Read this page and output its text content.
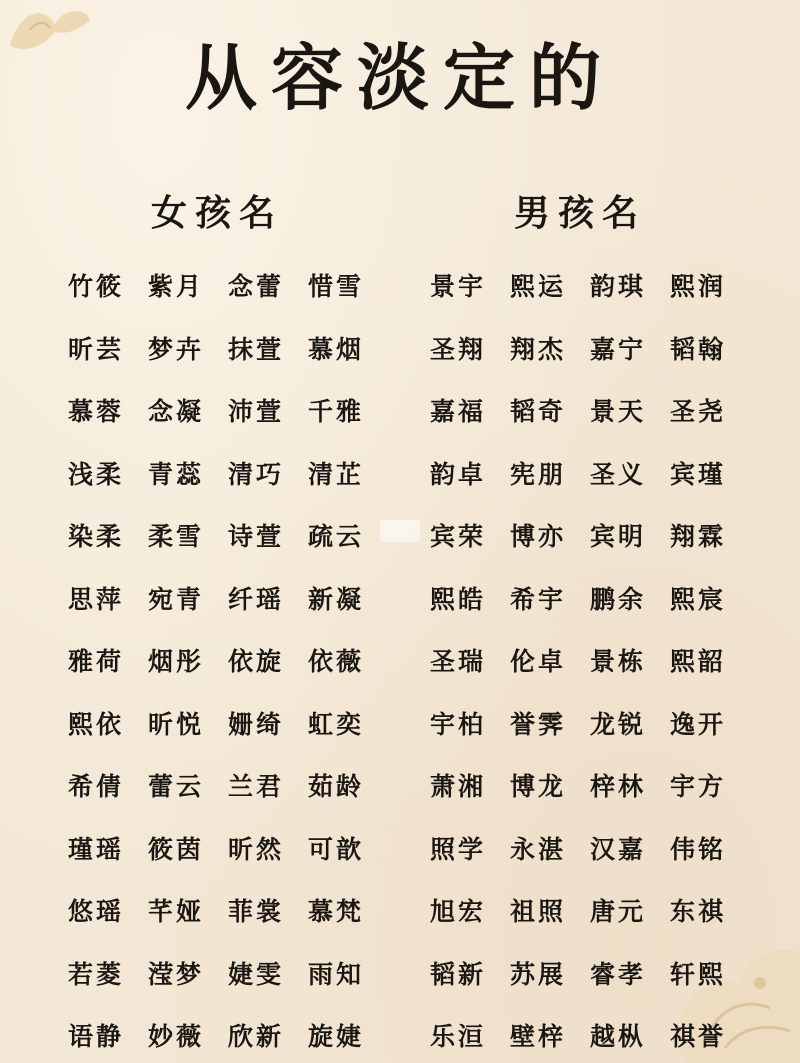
从容淡定的
女孩名	男孩名
竹筱 紫月 念蕾 惜雪
昕芸 梦卉 抹萱 慕烟
慕蓉 念凝 沛萱 千雅
浅柔 青蕊 清巧 清芷
染柔 柔雪 诗萱 疏云
思萍 宛青 纤瑶 新凝
雅荷 烟彤 依旋 依薇
熙依 昕悦 姗绮 虹奕
希倩 蕾云 兰君 茹龄
瑾瑶 筱茵 昕然 可歆
悠瑶 芊娅 菲裳 慕梵
若菱 滢梦 婕雯 雨知
语静 妙薇 欣新 旋婕
景宇 熙运 韵琪 熙润
圣翔 翔杰 嘉宁 韬翰
嘉福 韬奇 景天 圣尧
韵卓 宪朋 圣义 宾瑾
宾荣 博亦 宾明 翔霖
熙皓 希宇 鹏余 熙宸
圣瑞 伦卓 景栋 熙韶
宇柏 誉霁 龙锐 逸开
萧湘 博龙 梓林 宇方
照学 永湛 汉嘉 伟铭
旭宏 祖照 唐元 东祺
韬新 苏展 睿孝 轩熙
乐洹 壁梓 越枞 祺誉
